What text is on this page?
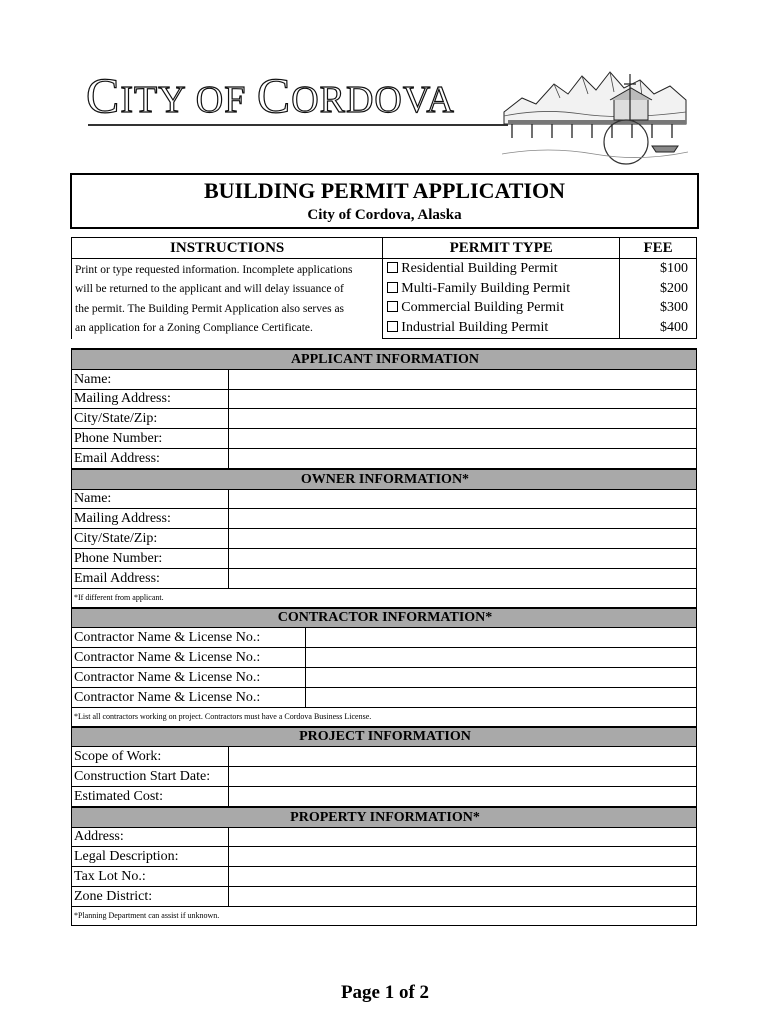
CITY OF CORDOVA
BUILDING PERMIT APPLICATION
City of Cordova, Alaska
INSTRUCTIONS	PERMIT TYPE	FEE

Print or type requested information. Incomplete applications
will be returned to the applicant and will delay issuance of
the permit. The Building Permit Application also serves as
an application for a Zoning Compliance Certificate.	Residential Building Permit	$100
	Multi-Family Building Permit	$200
	Commercial Building Permit	$300
	Industrial Building Permit	$400
APPLICANT INFORMATION		
Name:	
Mailing Address:	
City/State/Zip:	
Phone Number:	
Email Address:	
OWNER INFORMATION*		
Name:	
Mailing Address:	
City/State/Zip:	
Phone Number:	
Email Address:	
*If different from applicant.		
CONTRACTOR INFORMATION*		
Contractor Name & License No.:	
Contractor Name & License No.:	
Contractor Name & License No.:	
Contractor Name & License No.:	
*List all contractors working on project. Contractors must have a Cordova Business License.		
PROJECT INFORMATION		
Scope of Work:	
Construction Start Date:	
Estimated Cost:	
PROPERTY INFORMATION*		
Address:	
Legal Description:	
Tax Lot No.:	
Zone District:	
*Planning Department can assist if unknown.		
Page 1 of 2
